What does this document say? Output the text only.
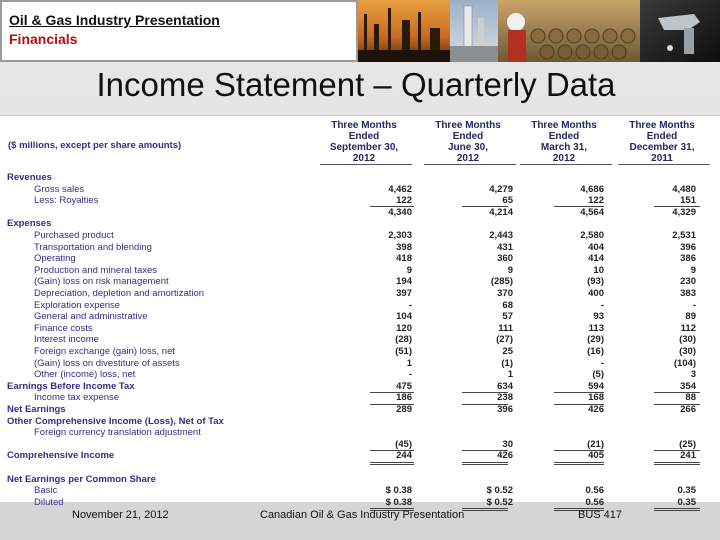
Oil & Gas Industry Presentation
Financials
Income Statement – Quarterly Data
Three Months
Ended
September 30,
2012
Three Months
Ended
June 30,
2012
Three Months
Ended
March 31,
2012
Three Months
Ended
December 31,
2011
($ millions, except per share amounts)
Revenues
Gross sales	4,462	4,279	4,686	4,480
Less: Royalties	122	65	122	151
4,340	4,214	4,564	4,329
Expenses
Purchased product	2,303	2,443	2,580	2,531
Transportation and blending	398	431	404	396
Operating	418	360	414	386
Production and mineral taxes	9	9	10	9
(Gain) loss on risk management	194	(285)	(93)	230
Depreciation, depletion and amortization	397	370	400	383
Exploration expense	-	68	-	-
General and administrative	104	57	93	89
Finance costs	120	111	113	112
Interest income	(28)	(27)	(29)	(30)
Foreign exchange (gain) loss, net	(51)	25	(16)	(30)
(Gain) loss on divestiture of assets	1	(1)	-	(104)
Other (income) loss, net	-	1	(5)	3
Earnings Before Income Tax	475	634	594	354
Income tax expense	186	238	168	88
Net Earnings	289	396	426	266
Other Comprehensive Income (Loss), Net of Tax
Foreign currency translation adjustment
(45)	30	(21)	(25)
Comprehensive Income	244	426	405	241
Net Earnings per Common Share
Basic	$ 0.38	$ 0.52	0.56	0.35
Diluted	$ 0.38	$ 0.52	0.56	0.35
November 21, 2012	Canadian Oil & Gas Industry Presentation	BUS 417
